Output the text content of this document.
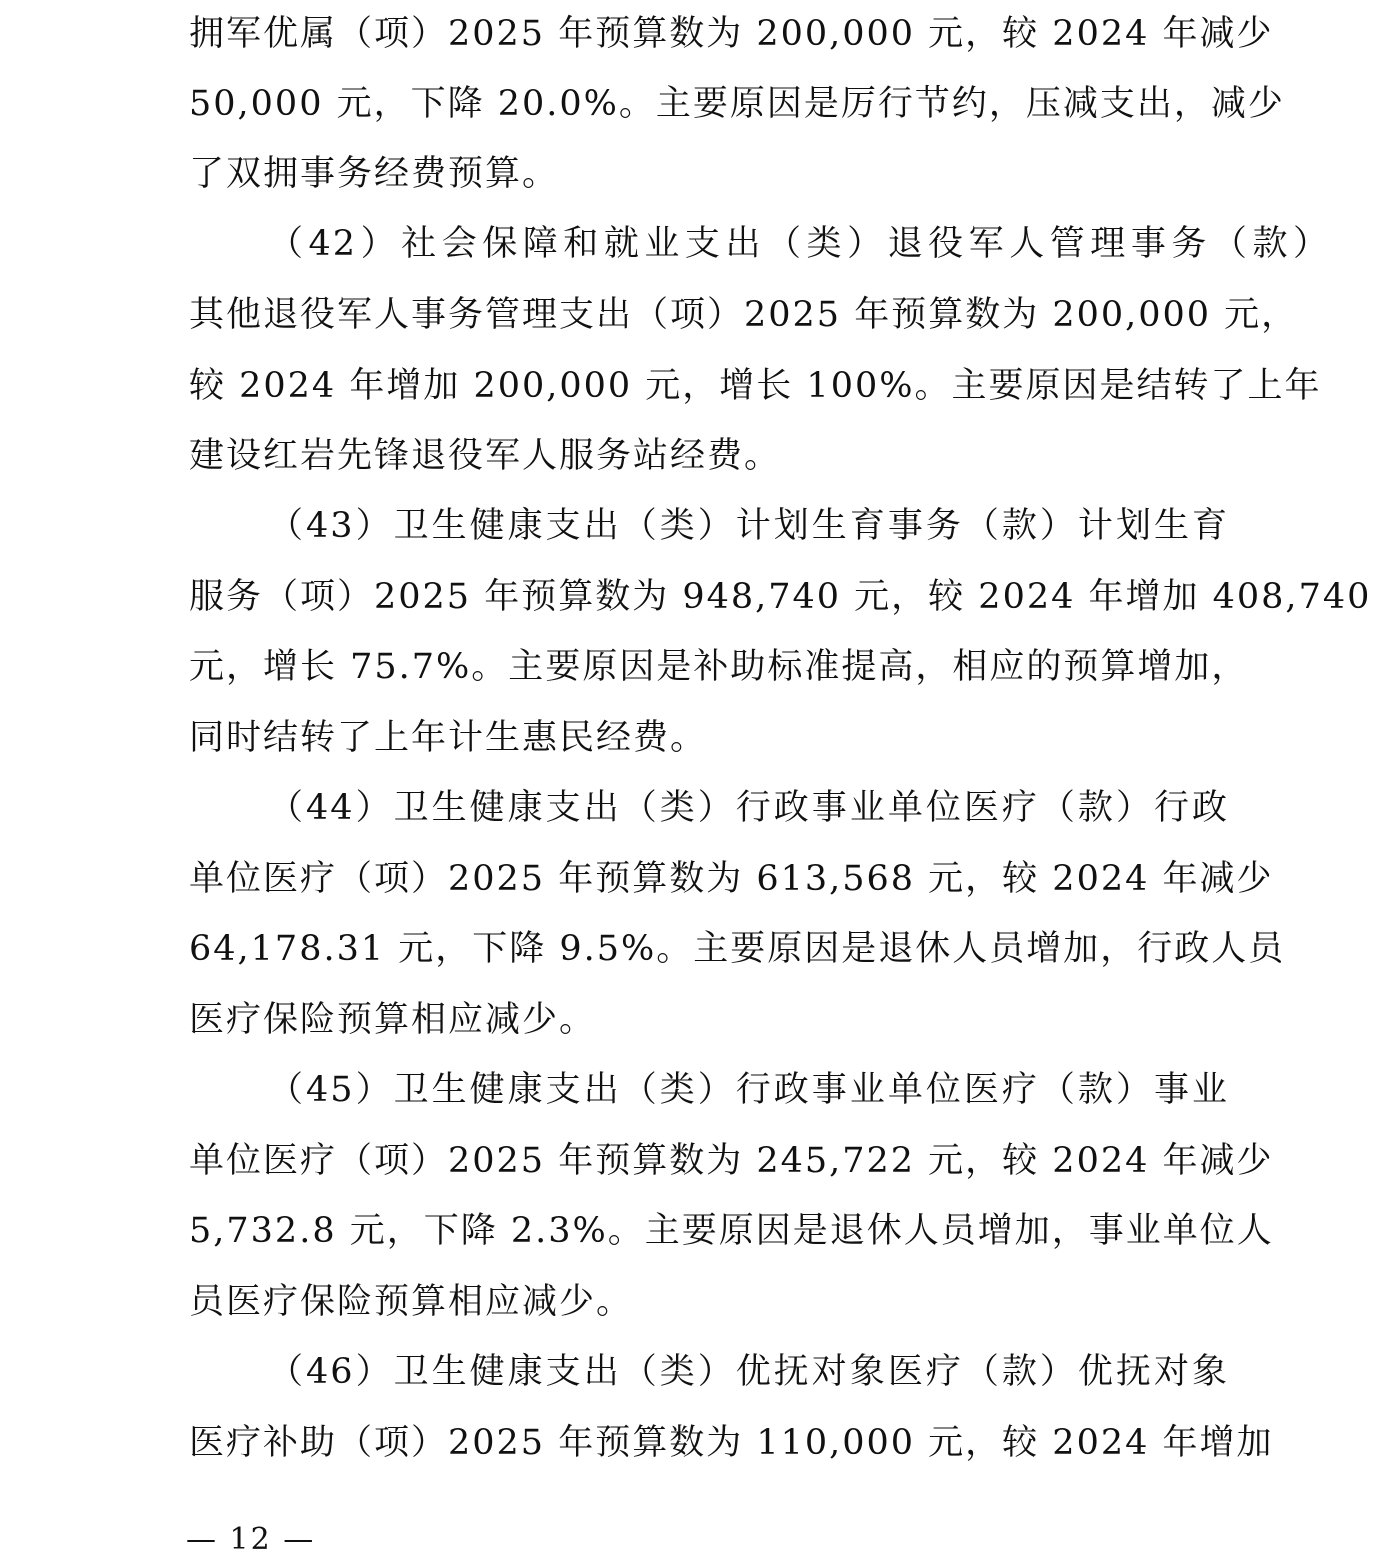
拥军优属（项）2025 年预算数为 200,000 元，较 2024 年减少
50,000 元，下降 20.0%。主要原因是厉行节约，压减支出，减少
了双拥事务经费预算。
（42）社会保障和就业支出（类）退役军人管理事务（款）
其他退役军人事务管理支出（项）2025 年预算数为 200,000 元，
较 2024 年增加 200,000 元，增长 100%。主要原因是结转了上年
建设红岩先锋退役军人服务站经费。
（43）卫生健康支出（类）计划生育事务（款）计划生育
服务（项）2025 年预算数为 948,740 元，较 2024 年增加 408,740
元，增长 75.7%。主要原因是补助标准提高，相应的预算增加，
同时结转了上年计生惠民经费。
（44）卫生健康支出（类）行政事业单位医疗（款）行政
单位医疗（项）2025 年预算数为 613,568 元，较 2024 年减少
64,178.31 元，下降 9.5%。主要原因是退休人员增加，行政人员
医疗保险预算相应减少。
（45）卫生健康支出（类）行政事业单位医疗（款）事业
单位医疗（项）2025 年预算数为 245,722 元，较 2024 年减少
5,732.8 元，下降 2.3%。主要原因是退休人员增加，事业单位人
员医疗保险预算相应减少。
（46）卫生健康支出（类）优抚对象医疗（款）优抚对象
医疗补助（项）2025 年预算数为 110,000 元，较 2024 年增加
— 12 —
